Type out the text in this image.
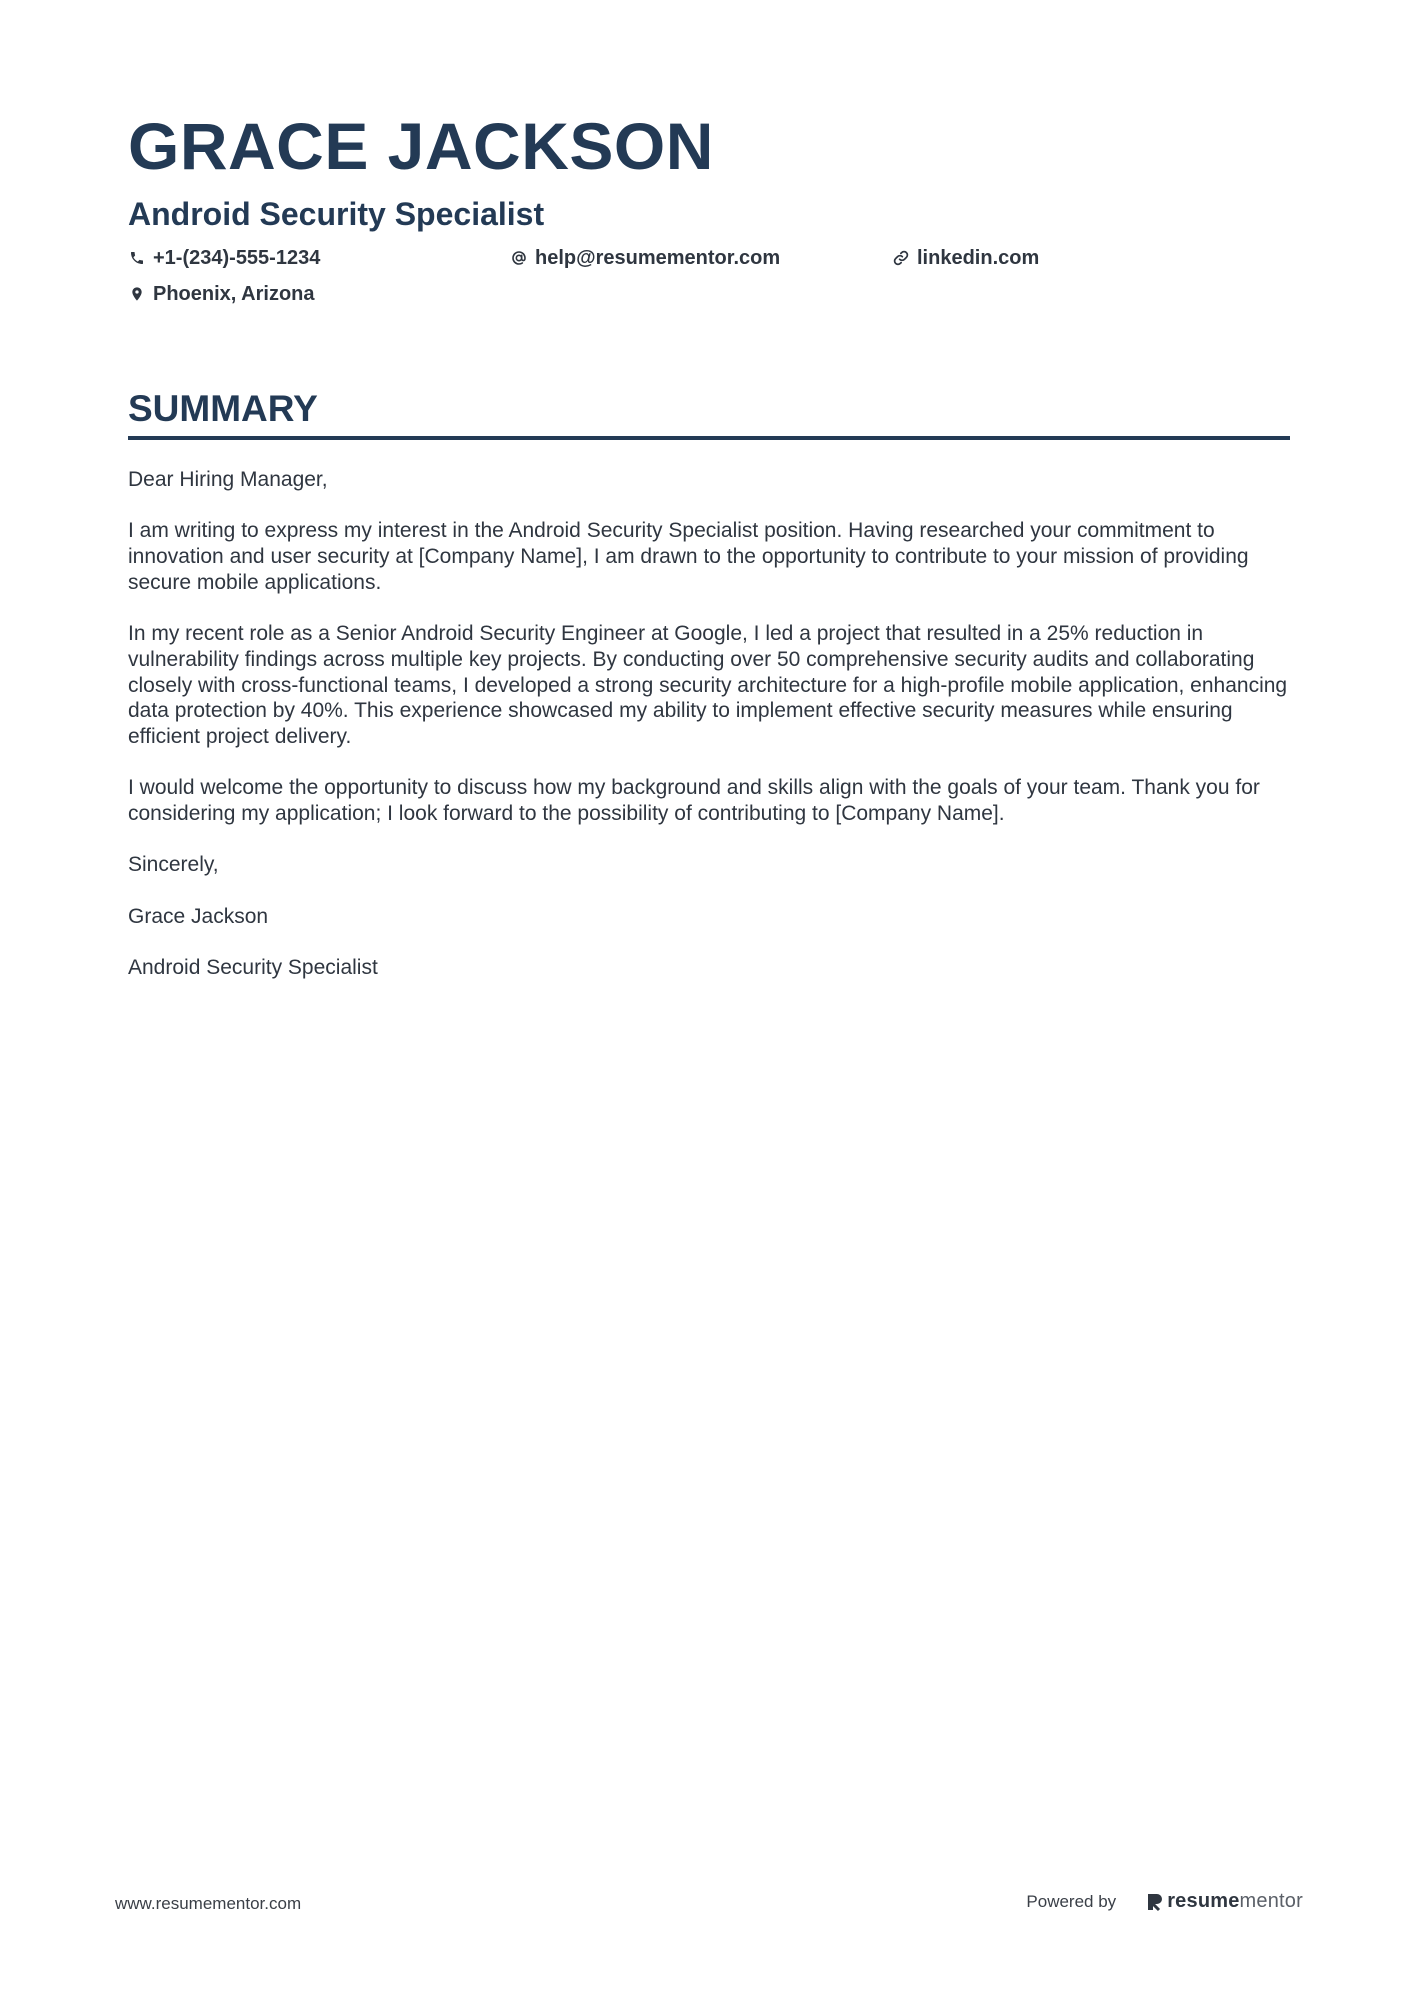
GRACE JACKSON
Android Security Specialist
+1-(234)-555-1234	help@resumementor.com	linkedin.com
Phoenix, Arizona
SUMMARY

Dear Hiring Manager,

I am writing to express my interest in the Android Security Specialist position. Having researched your commitment to innovation and user security at [Company Name], I am drawn to the opportunity to contribute to your mission of providing secure mobile applications.

In my recent role as a Senior Android Security Engineer at Google, I led a project that resulted in a 25% reduction in vulnerability findings across multiple key projects. By conducting over 50 comprehensive security audits and collaborating closely with cross-functional teams, I developed a strong security architecture for a high-profile mobile application, enhancing data protection by 40%. This experience showcased my ability to implement effective security measures while ensuring efficient project delivery.

I would welcome the opportunity to discuss how my background and skills align with the goals of your team. Thank you for considering my application; I look forward to the possibility of contributing to [Company Name].

Sincerely,

Grace Jackson

Android Security Specialist

www.resumementor.com	Powered by	resume mentor
